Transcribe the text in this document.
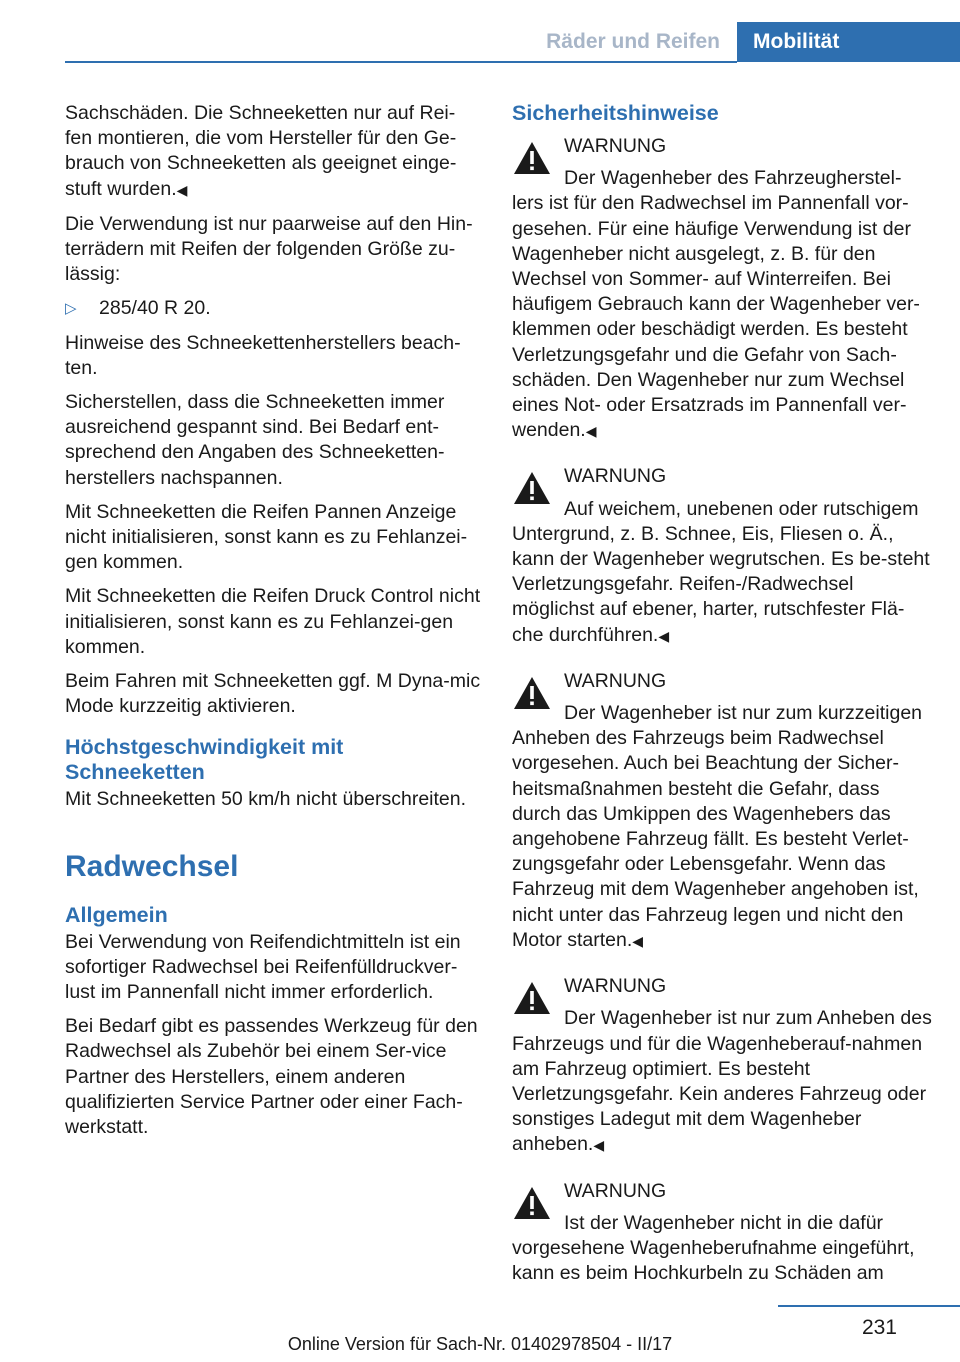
Räder und Reifen	Mobilität
Sachschäden. Die Schneeketten nur auf Rei‐fen montieren, die vom Hersteller für den Ge‐brauch von Schneeketten als geeignet einge‐stuft wurden.◀
Die Verwendung ist nur paarweise auf den Hin‐terrädern mit Reifen der folgenden Größe zu‐lässig:
▷ 285/40 R 20.
Hinweise des Schneekettenherstellers beach‐ten.
Sicherstellen, dass die Schneeketten immer ausreichend gespannt sind. Bei Bedarf ent‐sprechend den Angaben des Schneeketten‐herstellers nachspannen.
Mit Schneeketten die Reifen Pannen Anzeige nicht initialisieren, sonst kann es zu Fehlanzei‐gen kommen.
Mit Schneeketten die Reifen Druck Control nicht initialisieren, sonst kann es zu Fehlanzei‐gen kommen.
Beim Fahren mit Schneeketten ggf. M Dyna‐mic Mode kurzzeitig aktivieren.
Höchstgeschwindigkeit mit Schneeketten
Mit Schneeketten 50 km/h nicht überschreiten.
Radwechsel
Allgemein
Bei Verwendung von Reifendichtmitteln ist ein sofortiger Radwechsel bei Reifenfülldruckver‐lust im Pannenfall nicht immer erforderlich.
Bei Bedarf gibt es passendes Werkzeug für den Radwechsel als Zubehör bei einem Ser‐vice Partner des Herstellers, einem anderen qualifizierten Service Partner oder einer Fach‐werkstatt.
Sicherheitshinweise
WARNUNG
Der Wagenheber des Fahrzeugherstel‐lers ist für den Radwechsel im Pannenfall vor‐gesehen. Für eine häufige Verwendung ist der Wagenheber nicht ausgelegt, z. B. für den Wechsel von Sommer- auf Winterreifen. Bei häufigem Gebrauch kann der Wagenheber ver‐klemmen oder beschädigt werden. Es besteht Verletzungsgefahr und die Gefahr von Sach‐schäden. Den Wagenheber nur zum Wechsel eines Not- oder Ersatzrads im Pannenfall ver‐wenden.◀
WARNUNG
Auf weichem, unebenen oder rutschigem Untergrund, z. B. Schnee, Eis, Fliesen o. Ä., kann der Wagenheber wegrutschen. Es be‐steht Verletzungsgefahr. Reifen-/Radwechsel möglichst auf ebener, harter, rutschfester Flä‐che durchführen.◀
WARNUNG
Der Wagenheber ist nur zum kurzzeitigen Anheben des Fahrzeugs beim Radwechsel vorgesehen. Auch bei Beachtung der Sicher‐heitsmaßnahmen besteht die Gefahr, dass durch das Umkippen des Wagenhebers das angehobene Fahrzeug fällt. Es besteht Verlet‐zungsgefahr oder Lebensgefahr. Wenn das Fahrzeug mit dem Wagenheber angehoben ist, nicht unter das Fahrzeug legen und nicht den Motor starten.◀
WARNUNG
Der Wagenheber ist nur zum Anheben des Fahrzeugs und für die Wagenheberauf‐nahmen am Fahrzeug optimiert. Es besteht Verletzungsgefahr. Kein anderes Fahrzeug oder sonstiges Ladegut mit dem Wagenheber anheben.◀
WARNUNG
Ist der Wagenheber nicht in die dafür vorgesehene Wagenheberufnahme eingeführt, kann es beim Hochkurbeln zu Schäden am
231
Online Version für Sach-Nr. 01402978504 - II/17
